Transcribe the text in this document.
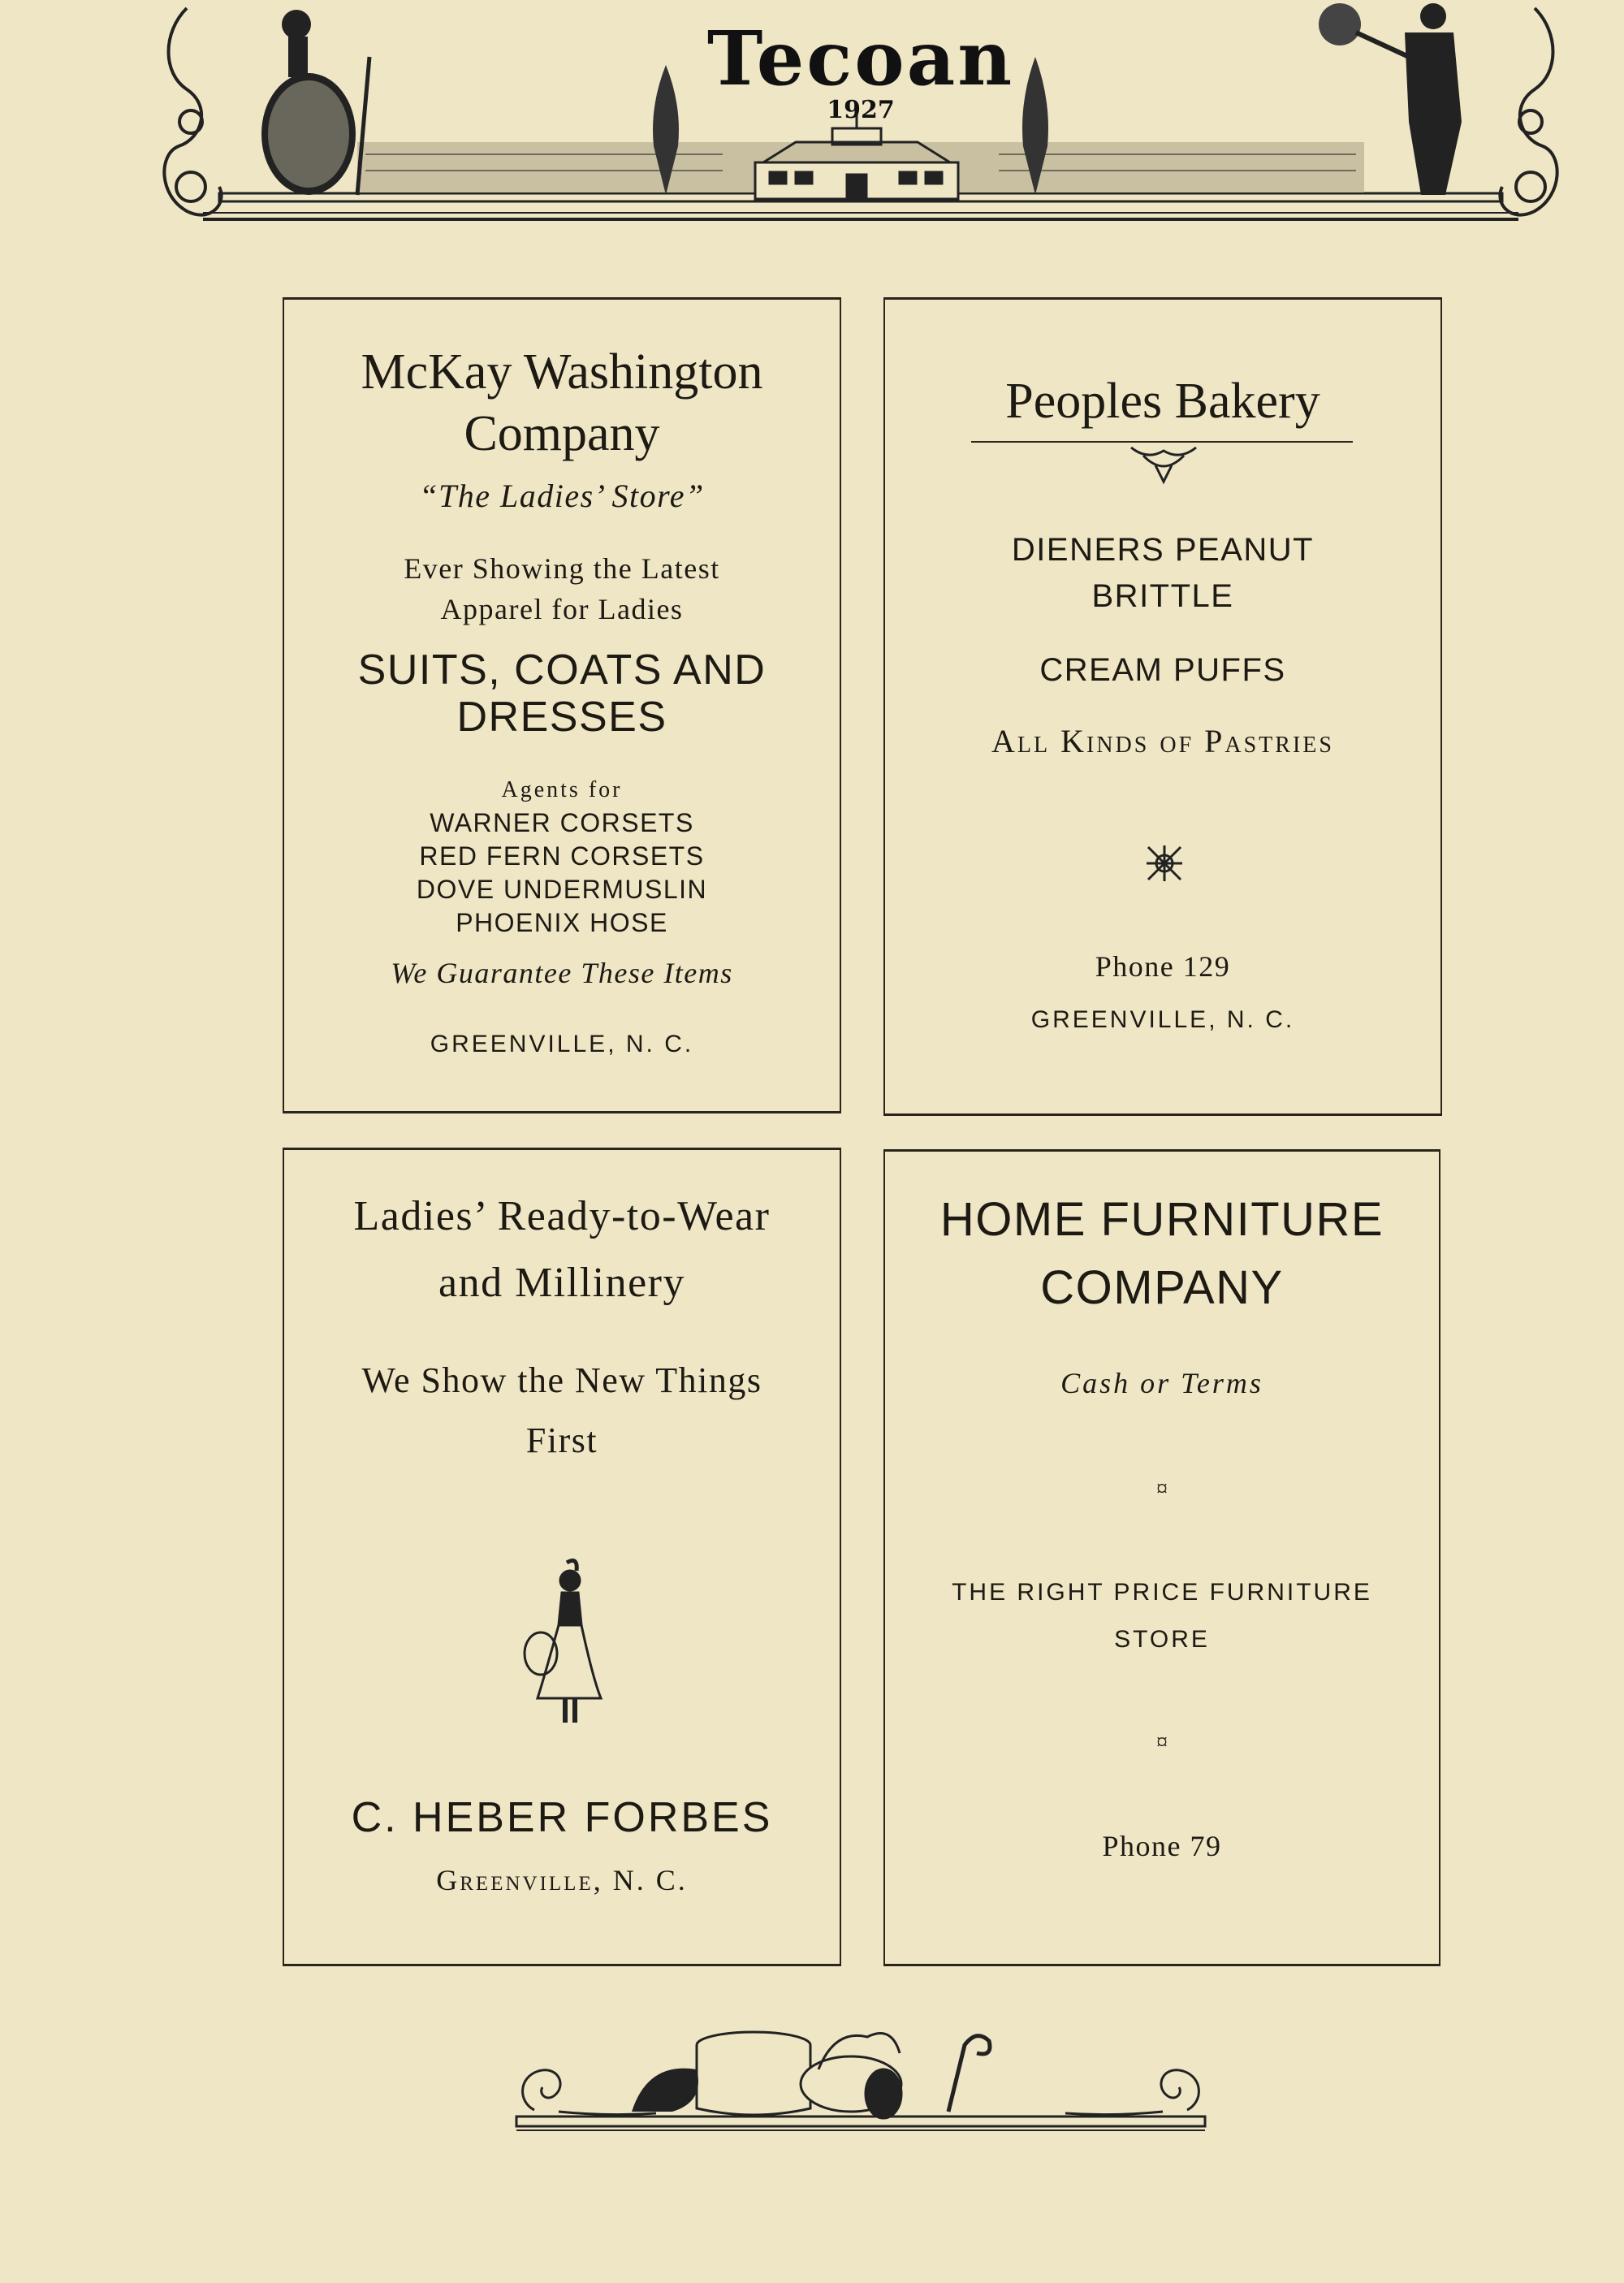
Tecoan
1927
McKay Washington
Company
“The Ladies’ Store”
Ever Showing the Latest
Apparel for Ladies
SUITS, COATS AND
DRESSES
Agents for
WARNER CORSETS
RED FERN CORSETS
DOVE UNDERMUSLIN
PHOENIX HOSE
We Guarantee These Items
GREENVILLE, N. C.
Peoples Bakery
DIENERS PEANUT
BRITTLE
CREAM PUFFS
All Kinds of Pastries
Phone 129
GREENVILLE, N. C.
Ladies’ Ready-to-Wear
and Millinery
We Show the New Things
First
C. HEBER FORBES
Greenville, N. C.
HOME FURNITURE
COMPANY
Cash or Terms
¤
THE RIGHT PRICE FURNITURE
STORE
¤
Phone 79
